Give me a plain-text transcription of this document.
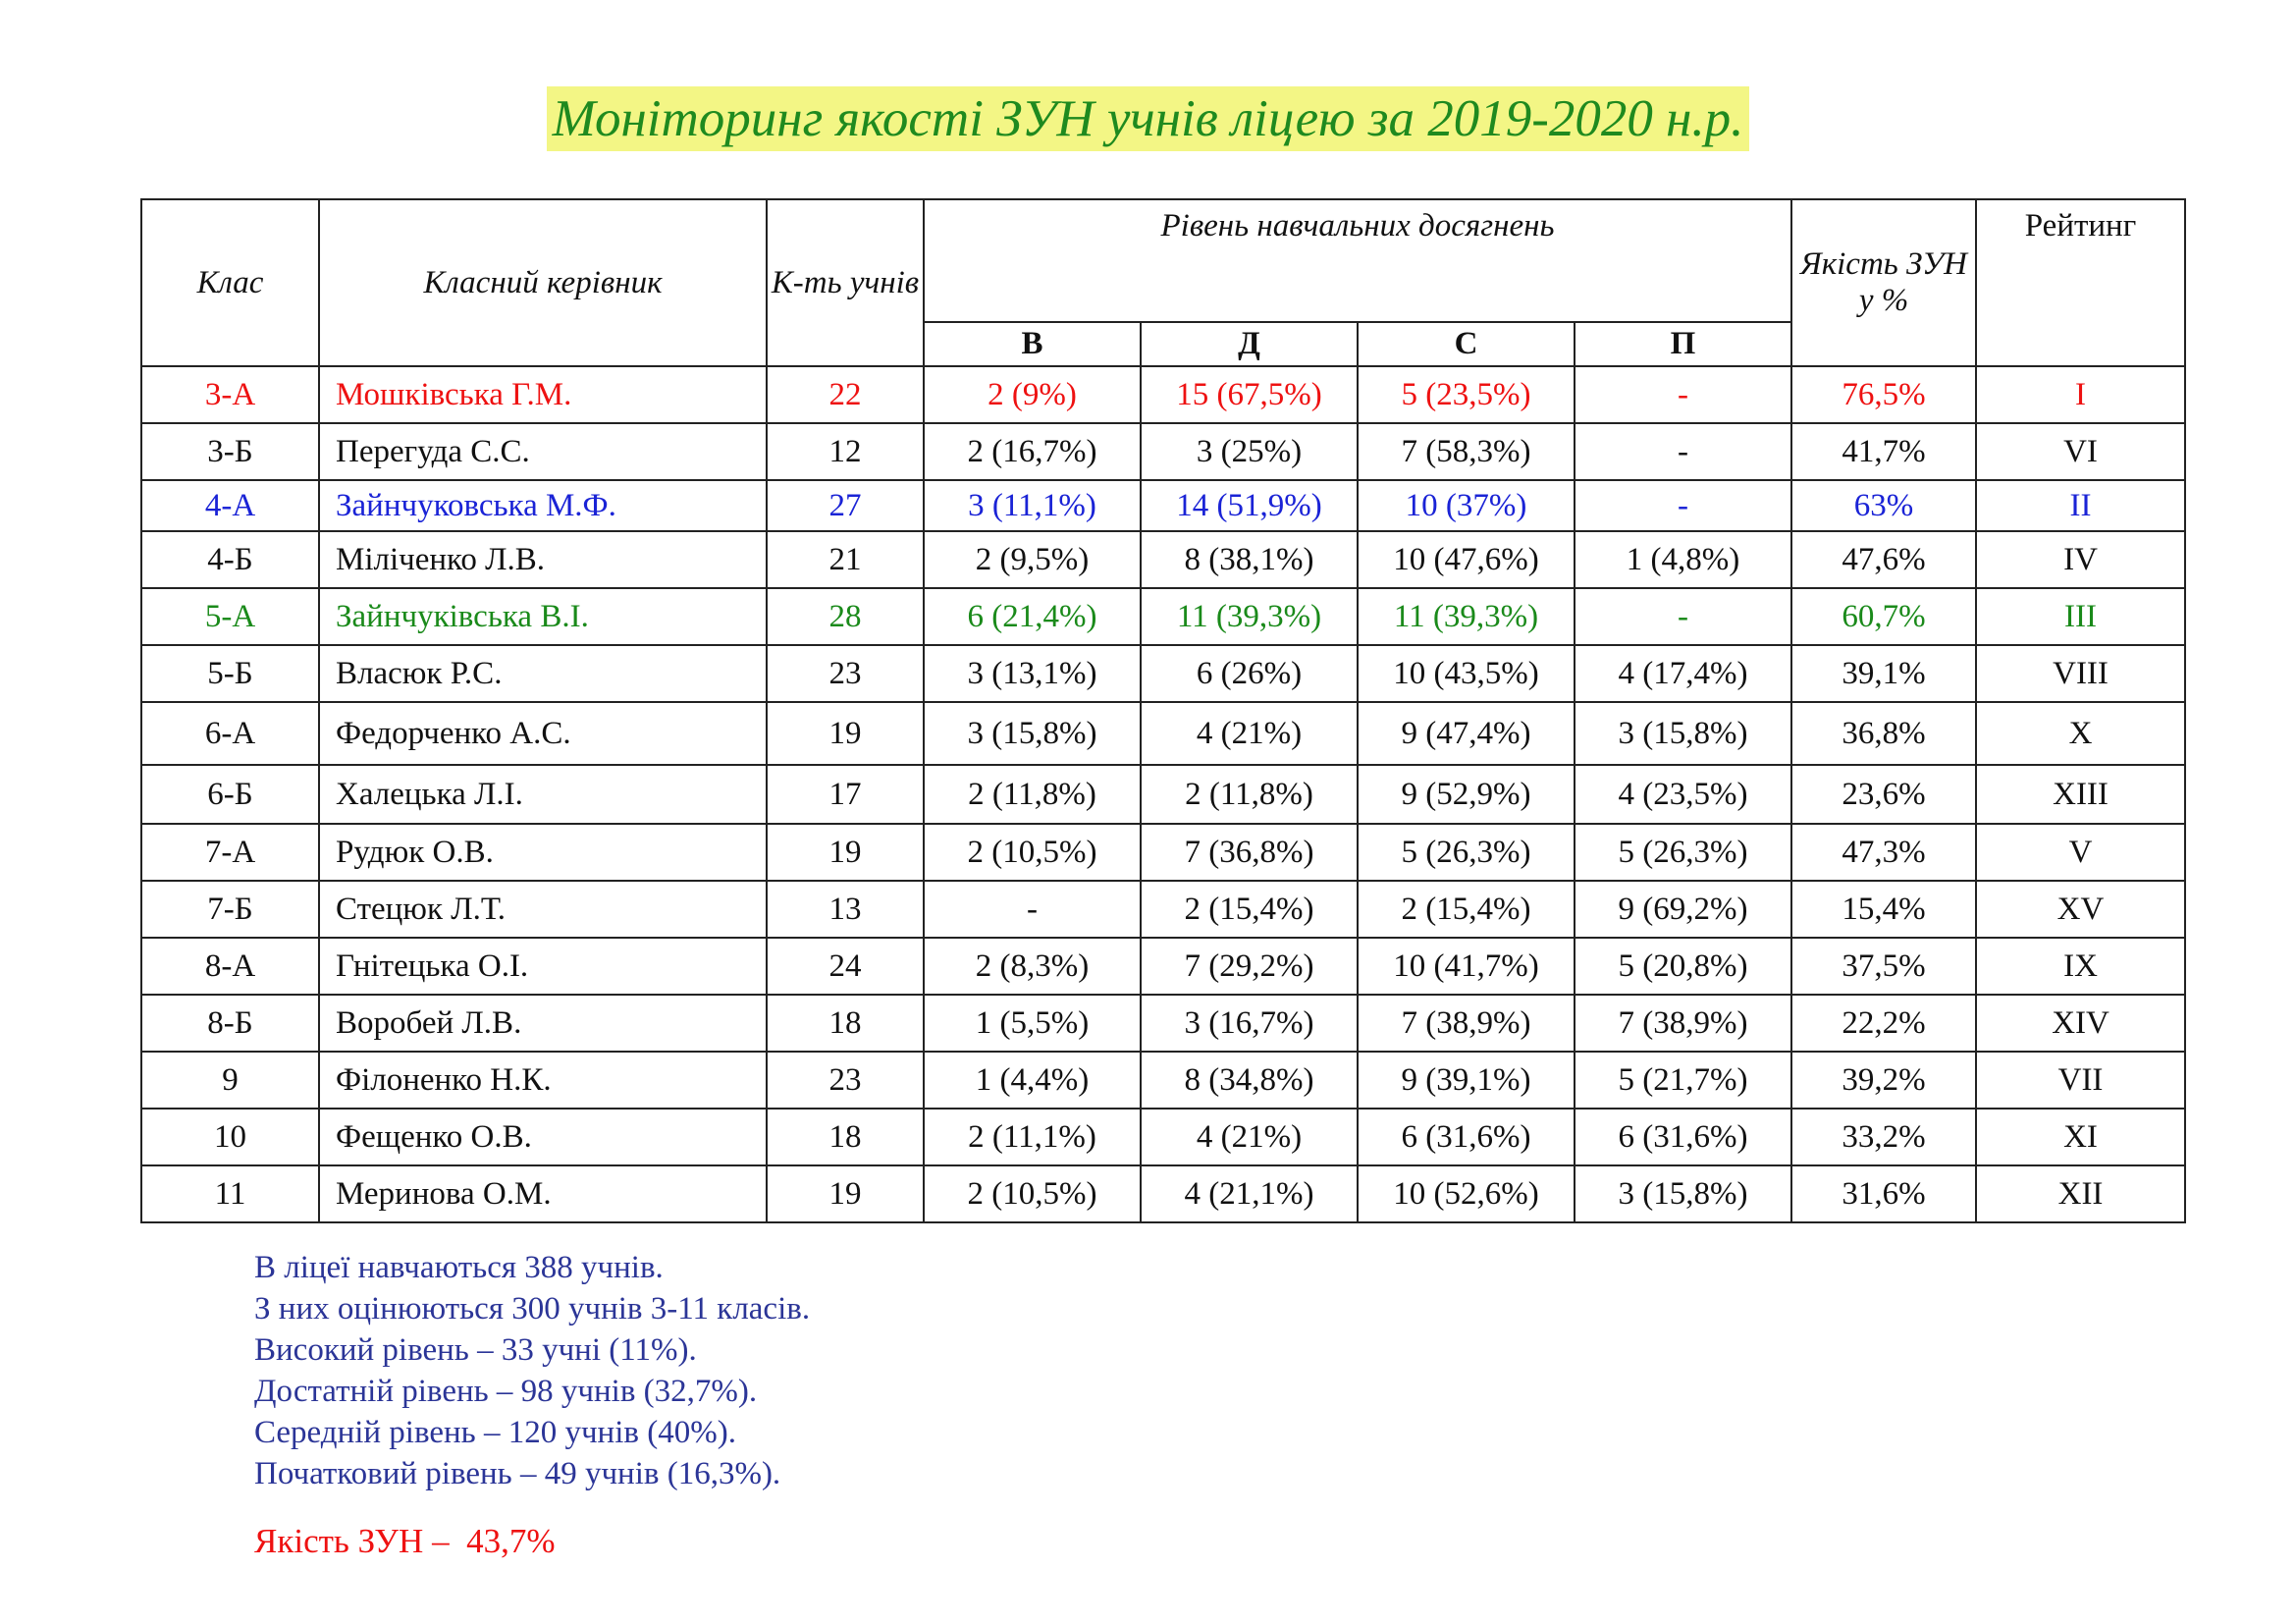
Моніторинг якості ЗУН учнів ліцею за 2019-2020 н.р.
Клас	Класний керівник	К-ть учнів	Рівень навчальних досягнень				Якість ЗУН у %	Рейтинг
			В	Д	С	П		
3-А	Мошківська Г.М.	22	2 (9%)	15 (67,5%)	5 (23,5%)	-	76,5%	I
3-Б	Перегуда С.С.	12	2 (16,7%)	3 (25%)	7 (58,3%)	-	41,7%	VI
4-А	Зайнчуковська М.Ф.	27	3 (11,1%)	14 (51,9%)	10 (37%)	-	63%	II
4-Б	Міліченко Л.В.	21	2 (9,5%)	8 (38,1%)	10 (47,6%)	1 (4,8%)	47,6%	IV
5-А	Зайнчуківська В.І.	28	6 (21,4%)	11 (39,3%)	11 (39,3%)	-	60,7%	III
5-Б	Власюк Р.С.	23	3 (13,1%)	6 (26%)	10 (43,5%)	4 (17,4%)	39,1%	VIII
6-А	Федорченко А.С.	19	3 (15,8%)	4 (21%)	9 (47,4%)	3 (15,8%)	36,8%	X
6-Б	Халецька Л.І.	17	2 (11,8%)	2 (11,8%)	9 (52,9%)	4 (23,5%)	23,6%	XIII
7-А	Рудюк О.В.	19	2 (10,5%)	7 (36,8%)	5 (26,3%)	5 (26,3%)	47,3%	V
7-Б	Стецюк Л.Т.	13	-	2 (15,4%)	2 (15,4%)	9 (69,2%)	15,4%	XV
8-А	Гнітецька О.І.	24	2 (8,3%)	7 (29,2%)	10 (41,7%)	5 (20,8%)	37,5%	IX
8-Б	Воробей Л.В.	18	1 (5,5%)	3 (16,7%)	7 (38,9%)	7 (38,9%)	22,2%	XIV
9	Філоненко Н.К.	23	1 (4,4%)	8 (34,8%)	9 (39,1%)	5 (21,7%)	39,2%	VII
10	Фещенко О.В.	18	2 (11,1%)	4 (21%)	6 (31,6%)	6 (31,6%)	33,2%	XI
11	Меринова О.М.	19	2 (10,5%)	4 (21,1%)	10 (52,6%)	3 (15,8%)	31,6%	XII
В ліцеї навчаються 388 учнів.
З них оцінюються 300 учнів 3-11 класів.
Високий рівень – 33 учні (11%).
Достатній рівень – 98 учнів (32,7%).
Середній рівень – 120 учнів (40%).
Початковий рівень – 49 учнів (16,3%).
Якість ЗУН –  43,7%
